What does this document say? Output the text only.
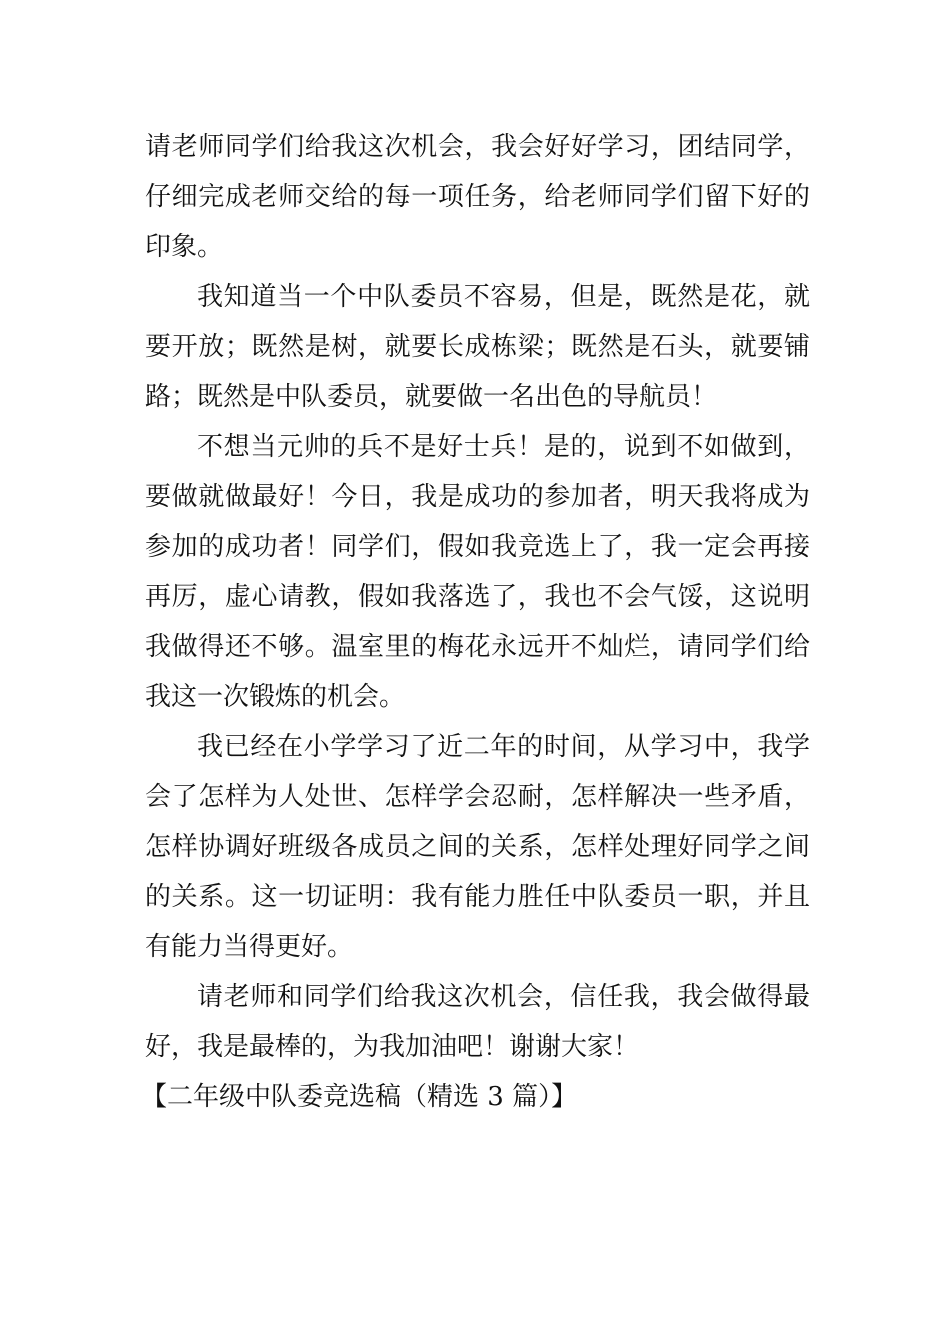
请老师同学们给我这次机会，我会好好学习，团结同学，仔细完成老师交给的每一项任务，给老师同学们留下好的印象。

我知道当一个中队委员不容易，但是，既然是花，就要开放；既然是树，就要长成栋梁；既然是石头，就要铺路；既然是中队委员，就要做一名出色的导航员！

不想当元帅的兵不是好士兵！是的，说到不如做到，要做就做最好！今日，我是成功的参加者，明天我将成为参加的成功者！同学们，假如我竞选上了，我一定会再接再厉，虚心请教，假如我落选了，我也不会气馁，这说明我做得还不够。温室里的梅花永远开不灿烂，请同学们给我这一次锻炼的机会。

我已经在小学学习了近二年的时间，从学习中，我学会了怎样为人处世、怎样学会忍耐，怎样解决一些矛盾，怎样协调好班级各成员之间的关系，怎样处理好同学之间的关系。这一切证明：我有能力胜任中队委员一职，并且有能力当得更好。

请老师和同学们给我这次机会，信任我，我会做得最好，我是最棒的，为我加油吧！谢谢大家！

【二年级中队委竞选稿（精选 3 篇）】
